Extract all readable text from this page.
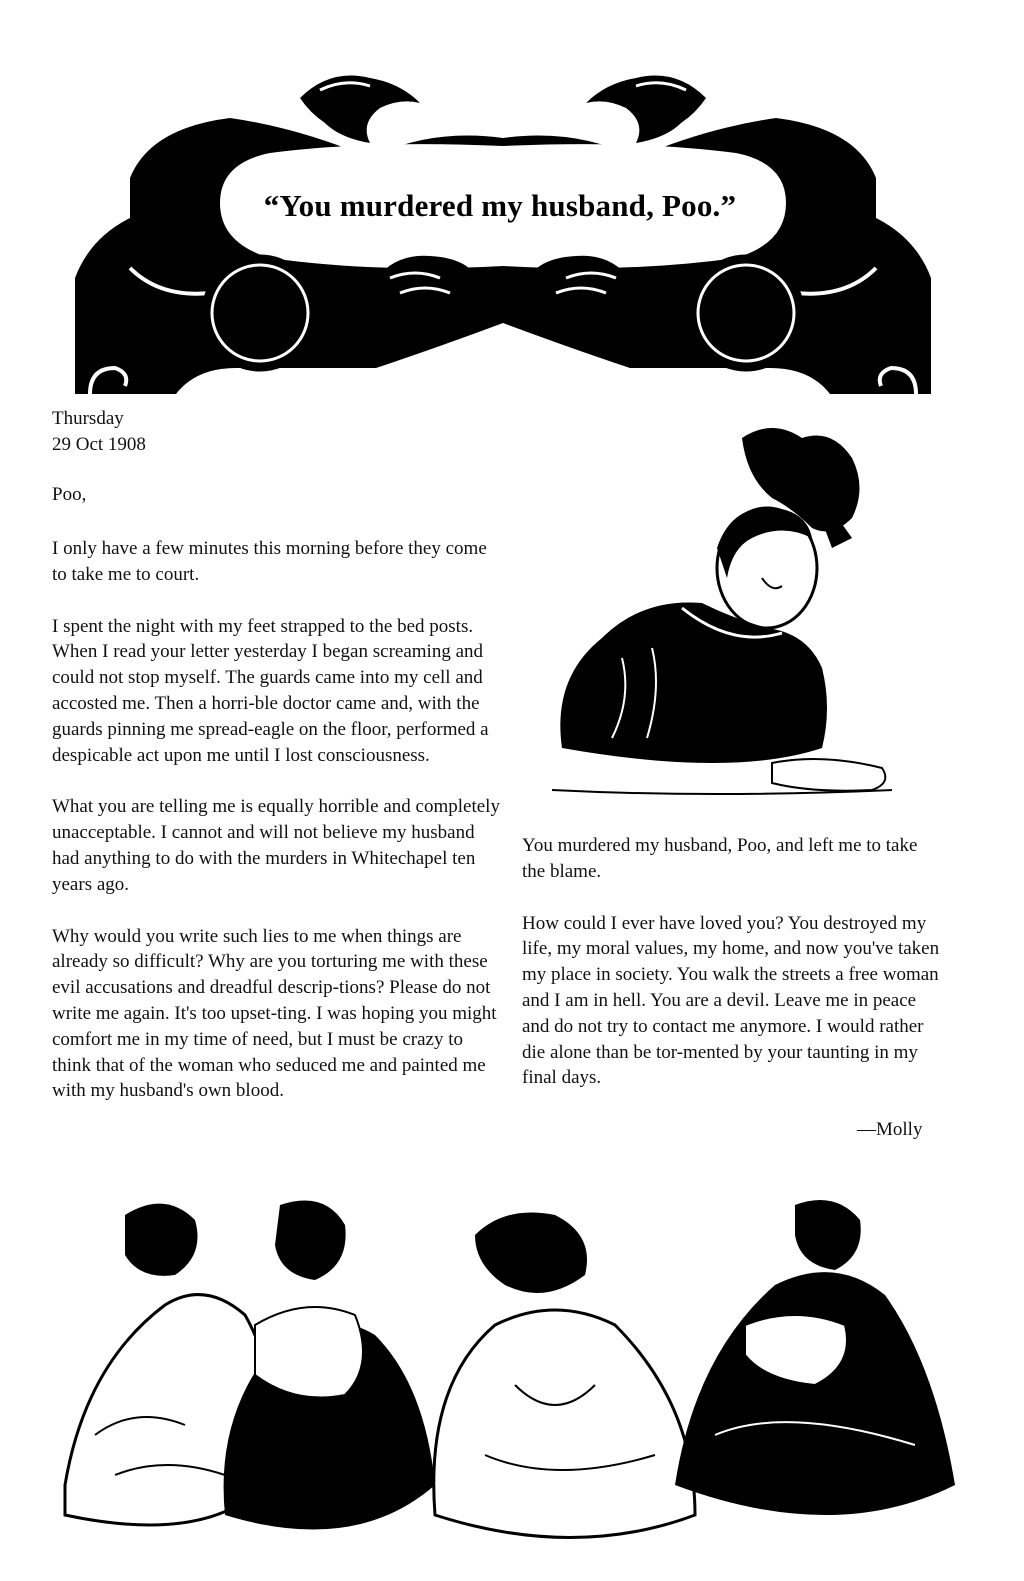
“You murdered my husband, Poo.”

Thursday

29 Oct 1908

Poo,

I only have a few minutes this morning before they come to take me to court.

I spent the night with my feet strapped to the bed posts. When I read your letter yesterday I began screaming and could not stop myself. The guards came into my cell and accosted me. Then a horri-ble doctor came and, with the guards pinning me spread-eagle on the floor, performed a despicable act upon me until I lost consciousness.

What you are telling me is equally horrible and completely unacceptable. I cannot and will not believe my husband had anything to do with the murders in Whitechapel ten years ago.

Why would you write such lies to me when things are already so difficult? Why are you torturing me with these evil accusations and dreadful descrip-tions? Please do not write me again. It's too upset-ting. I was hoping you might comfort me in my time of need, but I must be crazy to think that of the woman who seduced me and painted me with my husband's own blood.

You murdered my husband, Poo, and left me to take the blame.

How could I ever have loved you? You destroyed my life, my moral values, my home, and now you've taken my place in society. You walk the streets a free woman and I am in hell. You are a devil. Leave me in peace and do not try to contact me anymore. I would rather die alone than be tor-mented by your taunting in my final days.

—Molly
